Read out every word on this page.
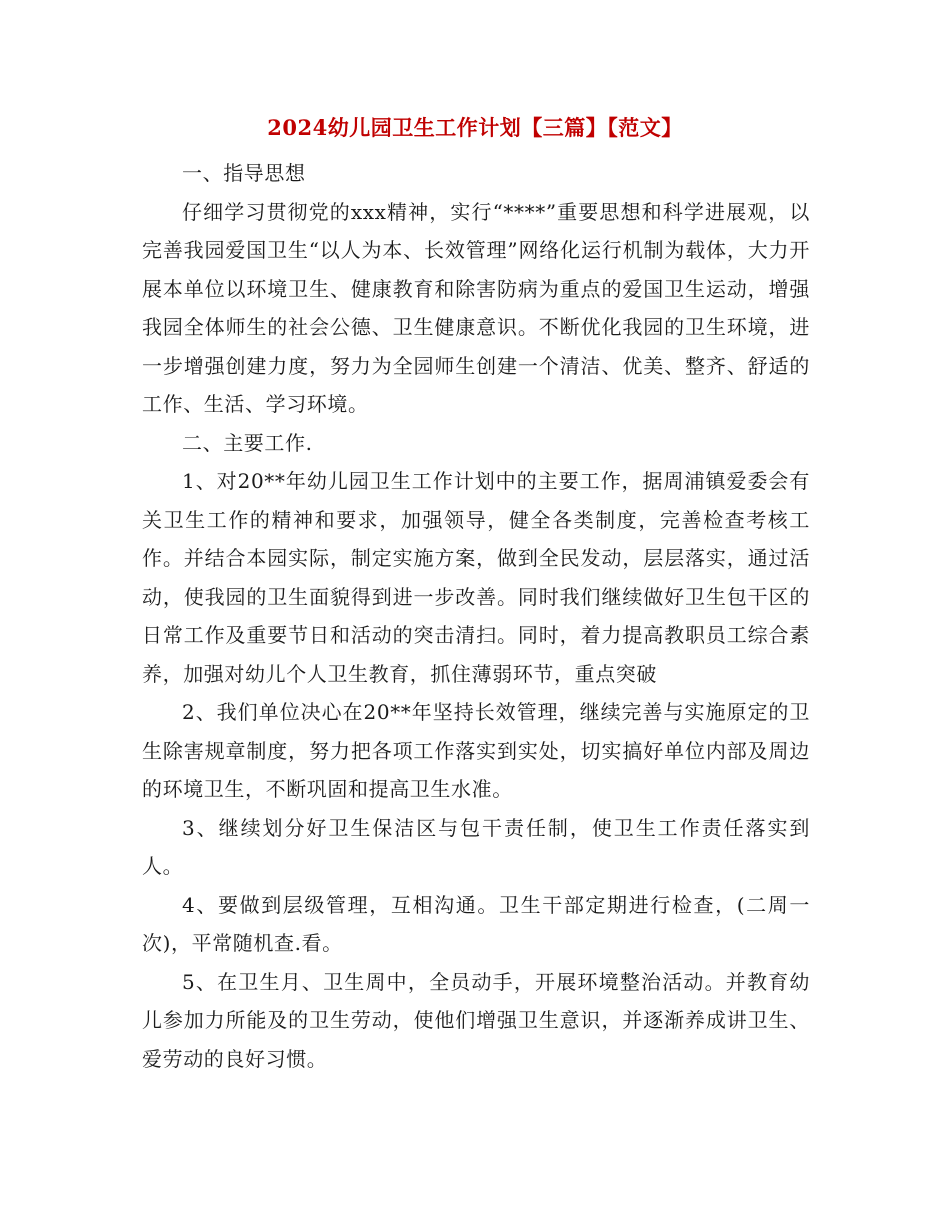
2024幼儿园卫生工作计划【三篇】【范文】

一、指导思想

仔细学习贯彻党的xxx精神，实行“****”重要思想和科学进展观，以完善我园爱国卫生“以人为本、长效管理”网络化运行机制为载体，大力开展本单位以环境卫生、健康教育和除害防病为重点的爱国卫生运动，增强我园全体师生的社会公德、卫生健康意识。不断优化我园的卫生环境，进一步增强创建力度，努力为全园师生创建一个清洁、优美、整齐、舒适的工作、生活、学习环境。

二、主要工作.

1、对20**年幼儿园卫生工作计划中的主要工作，据周浦镇爱委会有关卫生工作的精神和要求，加强领导，健全各类制度，完善检查考核工作。并结合本园实际，制定实施方案，做到全民发动，层层落实，通过活动，使我园的卫生面貌得到进一步改善。同时我们继续做好卫生包干区的日常工作及重要节日和活动的突击清扫。同时，着力提高教职员工综合素养，加强对幼儿个人卫生教育，抓住薄弱环节，重点突破

2、我们单位决心在20**年坚持长效管理，继续完善与实施原定的卫生除害规章制度，努力把各项工作落实到实处，切实搞好单位内部及周边的环境卫生，不断巩固和提高卫生水准。

3、继续划分好卫生保洁区与包干责任制，使卫生工作责任落实到人。

4、要做到层级管理，互相沟通。卫生干部定期进行检查，(二周一次)，平常随机查.看。

5、在卫生月、卫生周中，全员动手，开展环境整治活动。并教育幼儿参加力所能及的卫生劳动，使他们增强卫生意识，并逐渐养成讲卫生、爱劳动的良好习惯。
